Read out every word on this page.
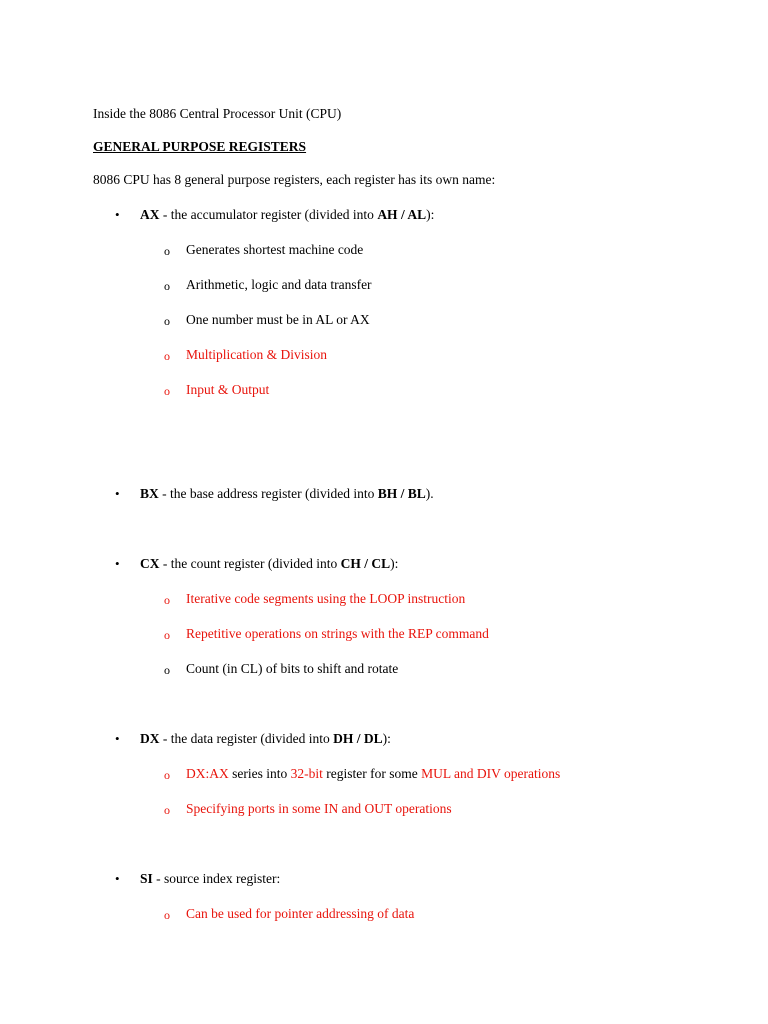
Inside the 8086 Central Processor Unit (CPU)
GENERAL PURPOSE REGISTERS
8086 CPU has 8 general purpose registers, each register has its own name:
• AX - the accumulator register (divided into AH / AL):
o Generates shortest machine code
o Arithmetic, logic and data transfer
o One number must be in AL or AX
o Multiplication & Division
o Input & Output
• BX - the base address register (divided into BH / BL).
• CX - the count register (divided into CH / CL):
o Iterative code segments using the LOOP instruction
o Repetitive operations on strings with the REP command
o Count (in CL) of bits to shift and rotate
• DX - the data register (divided into DH / DL):
o DX:AX series into 32-bit register for some MUL and DIV operations
o Specifying ports in some IN and OUT operations
• SI - source index register:
o Can be used for pointer addressing of data
